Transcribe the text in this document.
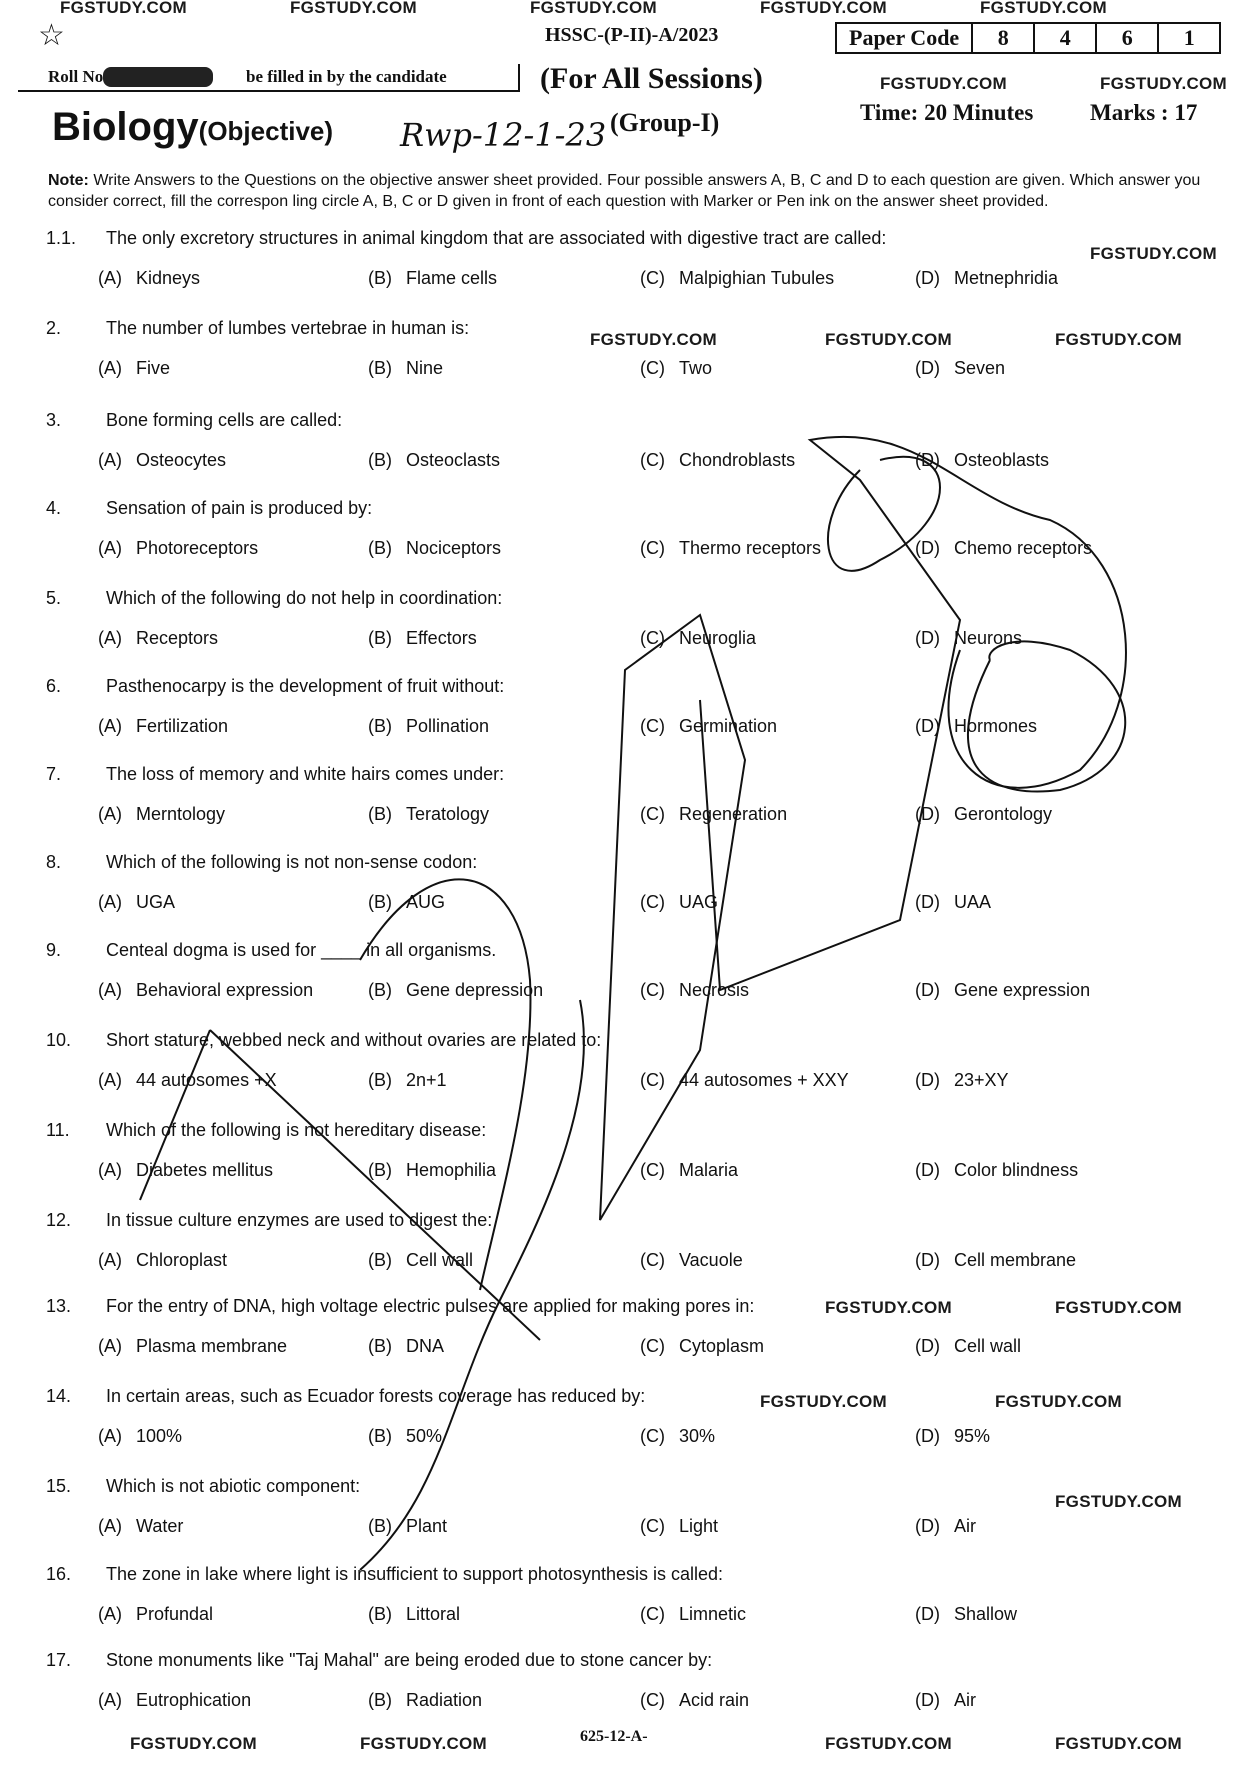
FGSTUDY.COM	FGSTUDY.COM	FGSTUDY.COM	FGSTUDY.COM	FGSTUDY.COM
☆	HSSC-(P-II)-A/2023	Paper Code	8	4	6	1
Roll No	be filled in by the candidate	(For All Sessions)	FGSTUDY.COM	FGSTUDY.COM
Biology(Objective) Rwp-12-1-23 (Group-I)	Time: 20 Minutes Marks : 17
Note: Write Answers to the Questions on the objective answer sheet provided. Four possible answers A, B, C and D to each question are given. Which answer you consider correct, fill the correspon ling circle A, B, C or D given in front of each question with Marker or Pen ink on the answer sheet provided.
1.1. The only excretory structures in animal kingdom that are associated with digestive tract are called:
(A) Kidneys	(B) Flame cells	(C) Malpighian Tubules	(D) Metnephridia
2. The number of lumbes vertebrae in human is:
(A) Five	(B) Nine	(C) Two	(D) Seven
3. Bone forming cells are called:
(A) Osteocytes	(B) Osteoclasts	(C) Chondroblasts	(D) Osteoblasts
4. Sensation of pain is produced by:
(A) Photoreceptors	(B) Nociceptors	(C) Thermo receptors	(D) Chemo receptors
5. Which of the following do not help in coordination:
(A) Receptors	(B) Effectors	(C) Neuroglia	(D) Neurons
6. Pasthenocarpy is the development of fruit without:
(A) Fertilization	(B) Pollination	(C) Germination	(D) Hormones
7. The loss of memory and white hairs comes under:
(A) Merntology	(B) Teratology	(C) Regeneration	(D) Gerontology
8. Which of the following is not non-sense codon:
(A) UGA	(B) AUG	(C) UAG	(D) UAA
9. Centeal dogma is used for ____ in all organisms.
(A) Behavioral expression	(B) Gene depression	(C) Necrosis	(D) Gene expression
10. Short stature, webbed neck and without ovaries are related to:
(A) 44 autosomes +X	(B) 2n+1	(C) 44 autosomes + XXY	(D) 23+XY
11. Which of the following is not hereditary disease:
(A) Diabetes mellitus	(B) Hemophilia	(C) Malaria	(D) Color blindness
12. In tissue culture enzymes are used to digest the:
(A) Chloroplast	(B) Cell wall	(C) Vacuole	(D) Cell membrane
13. For the entry of DNA, high voltage electric pulses are applied for making pores in:
(A) Plasma membrane	(B) DNA	(C) Cytoplasm	(D) Cell wall
14. In certain areas, such as Ecuador forests coverage has reduced by:
(A) 100%	(B) 50%	(C) 30%	(D) 95%
15. Which is not abiotic component:
(A) Water	(B) Plant	(C) Light	(D) Air
16. The zone in lake where light is insufficient to support photosynthesis is called:
(A) Profundal	(B) Littoral	(C) Limnetic	(D) Shallow
17. Stone monuments like "Taj Mahal" are being eroded due to stone cancer by:
(A) Eutrophication	(B) Radiation	(C) Acid rain	(D) Air
FGSTUDY.COM
FGSTUDY.COM	FGSTUDY.COM	FGSTUDY.COM
FGSTUDY.COM	FGSTUDY.COM
FGSTUDY.COM	FGSTUDY.COM
FGSTUDY.COM
FGSTUDY.COM	FGSTUDY.COM	FGSTUDY.COM	FGSTUDY.COM
625-12-A-
